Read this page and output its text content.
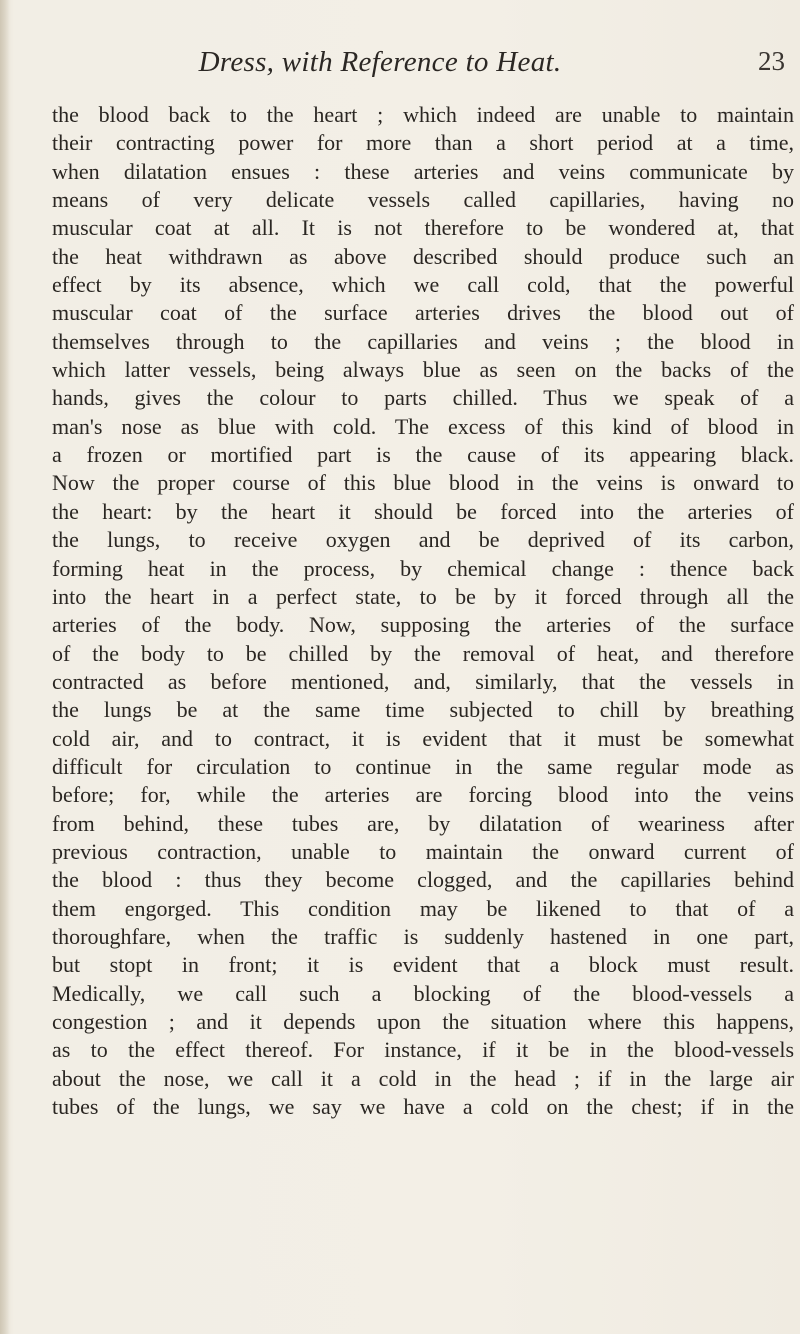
Dress, with Reference to Heat.	23
the blood back to the heart ; which indeed are unable to maintain
their contracting power for more than a short period at a time,
when dilatation ensues : these arteries and veins communicate by
means of very delicate vessels called capillaries, having no
muscular coat at all. It is not therefore to be wondered at, that
the heat withdrawn as above described should produce such an
effect by its absence, which we call cold, that the powerful
muscular coat of the surface arteries drives the blood out of
themselves through to the capillaries and veins ; the blood in
which latter vessels, being always blue as seen on the backs of the
hands, gives the colour to parts chilled. Thus we speak of a
man's nose as blue with cold. The excess of this kind of blood in
a frozen or mortified part is the cause of its appearing black.
Now the proper course of this blue blood in the veins is onward to
the heart: by the heart it should be forced into the arteries of
the lungs, to receive oxygen and be deprived of its carbon,
forming heat in the process, by chemical change : thence back
into the heart in a perfect state, to be by it forced through all the
arteries of the body. Now, supposing the arteries of the surface
of the body to be chilled by the removal of heat, and therefore
contracted as before mentioned, and, similarly, that the vessels in
the lungs be at the same time subjected to chill by breathing
cold air, and to contract, it is evident that it must be somewhat
difficult for circulation to continue in the same regular mode as
before; for, while the arteries are forcing blood into the veins
from behind, these tubes are, by dilatation of weariness after
previous contraction, unable to maintain the onward current of
the blood : thus they become clogged, and the capillaries behind
them engorged. This condition may be likened to that of a
thoroughfare, when the traffic is suddenly hastened in one part,
but stopt in front; it is evident that a block must result.
Medically, we call such a blocking of the blood-vessels a
congestion ; and it depends upon the situation where this happens,
as to the effect thereof. For instance, if it be in the blood-vessels
about the nose, we call it a cold in the head ; if in the large air
tubes of the lungs, we say we have a cold on the chest; if in the
